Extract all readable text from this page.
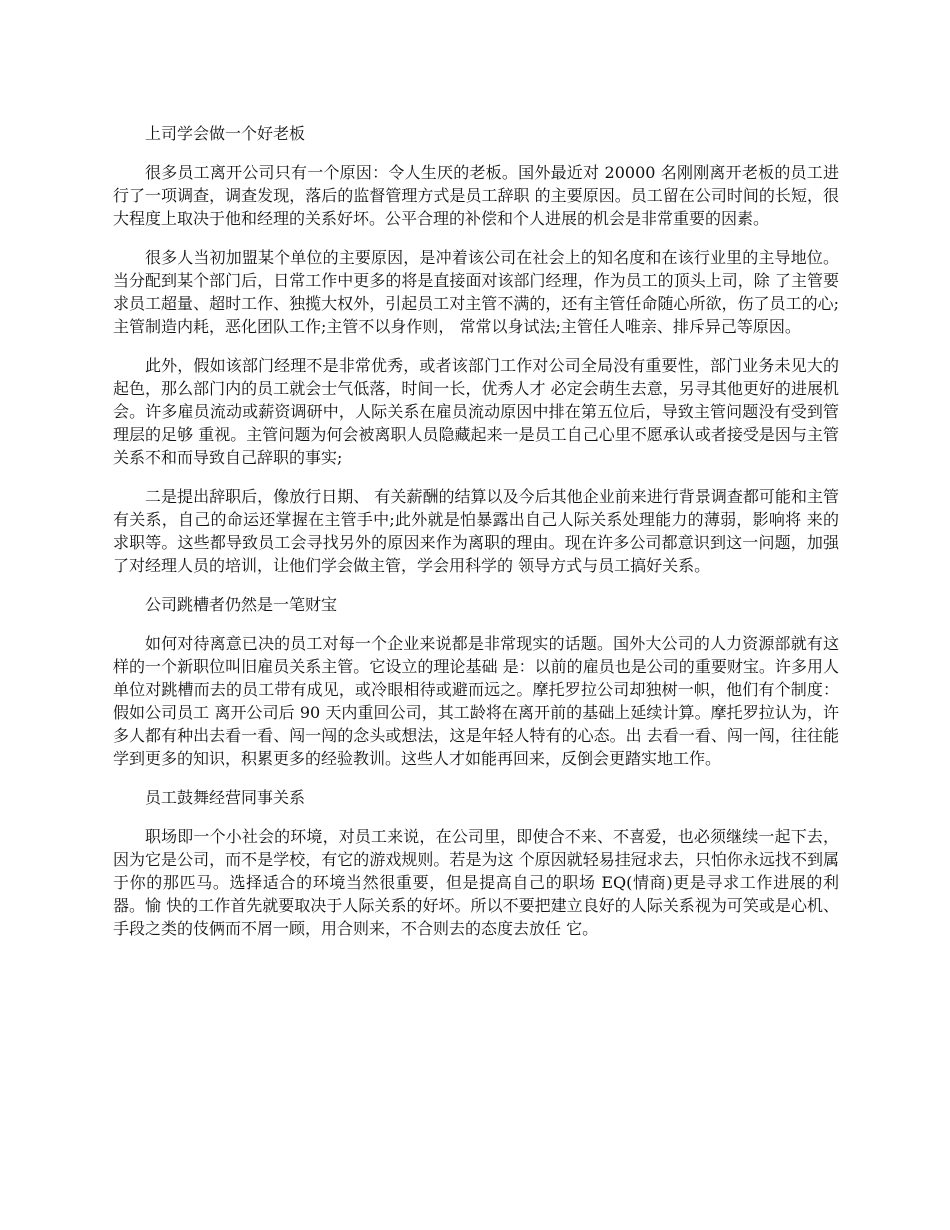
上司学会做一个好老板

很多员工离开公司只有一个原因：令人生厌的老板。国外最近对 20000 名刚刚离开老板的员工进行了一项调查，调查发现，落后的监督管理方式是员工辞职 的主要原因。员工留在公司时间的长短，很大程度上取决于他和经理的关系好坏。公平合理的补偿和个人进展的机会是非常重要的因素。

很多人当初加盟某个单位的主要原因，是冲着该公司在社会上的知名度和在该行业里的主导地位。当分配到某个部门后，日常工作中更多的将是直接面对该部门经理，作为员工的顶头上司，除 了主管要求员工超量、超时工作、独揽大权外，引起员工对主管不满的，还有主管任命随心所欲，伤了员工的心;主管制造内耗，恶化团队工作;主管不以身作则， 常常以身试法;主管任人唯亲、排斥异己等原因。

此外，假如该部门经理不是非常优秀，或者该部门工作对公司全局没有重要性，部门业务未见大的起色，那么部门内的员工就会士气低落，时间一长，优秀人才 必定会萌生去意，另寻其他更好的进展机会。许多雇员流动或薪资调研中，人际关系在雇员流动原因中排在第五位后，导致主管问题没有受到管理层的足够 重视。主管问题为何会被离职人员隐藏起来一是员工自己心里不愿承认或者接受是因与主管关系不和而导致自己辞职的事实;

二是提出辞职后，像放行日期、 有关薪酬的结算以及今后其他企业前来进行背景调查都可能和主管有关系，自己的命运还掌握在主管手中;此外就是怕暴露出自己人际关系处理能力的薄弱，影响将 来的求职等。这些都导致员工会寻找另外的原因来作为离职的理由。现在许多公司都意识到这一问题，加强了对经理人员的培训，让他们学会做主管，学会用科学的 领导方式与员工搞好关系。

公司跳槽者仍然是一笔财宝

如何对待离意已决的员工对每一个企业来说都是非常现实的话题。国外大公司的人力资源部就有这样的一个新职位叫旧雇员关系主管。它设立的理论基础 是：以前的雇员也是公司的重要财宝。许多用人单位对跳槽而去的员工带有成见，或冷眼相待或避而远之。摩托罗拉公司却独树一帜，他们有个制度：假如公司员工 离开公司后 90 天内重回公司，其工龄将在离开前的基础上延续计算。摩托罗拉认为，许多人都有种出去看一看、闯一闯的念头或想法，这是年轻人特有的心态。出 去看一看、闯一闯，往往能学到更多的知识，积累更多的经验教训。这些人才如能再回来，反倒会更踏实地工作。

员工鼓舞经营同事关系

职场即一个小社会的环境，对员工来说，在公司里，即使合不来、不喜爱，也必须继续一起下去，因为它是公司，而不是学校，有它的游戏规则。若是为这 个原因就轻易挂冠求去，只怕你永远找不到属于你的那匹马。选择适合的环境当然很重要，但是提高自己的职场 EQ(情商)更是寻求工作进展的利器。愉 快的工作首先就要取决于人际关系的好坏。所以不要把建立良好的人际关系视为可笑或是心机、手段之类的伎俩而不屑一顾，用合则来，不合则去的态度去放任 它。
